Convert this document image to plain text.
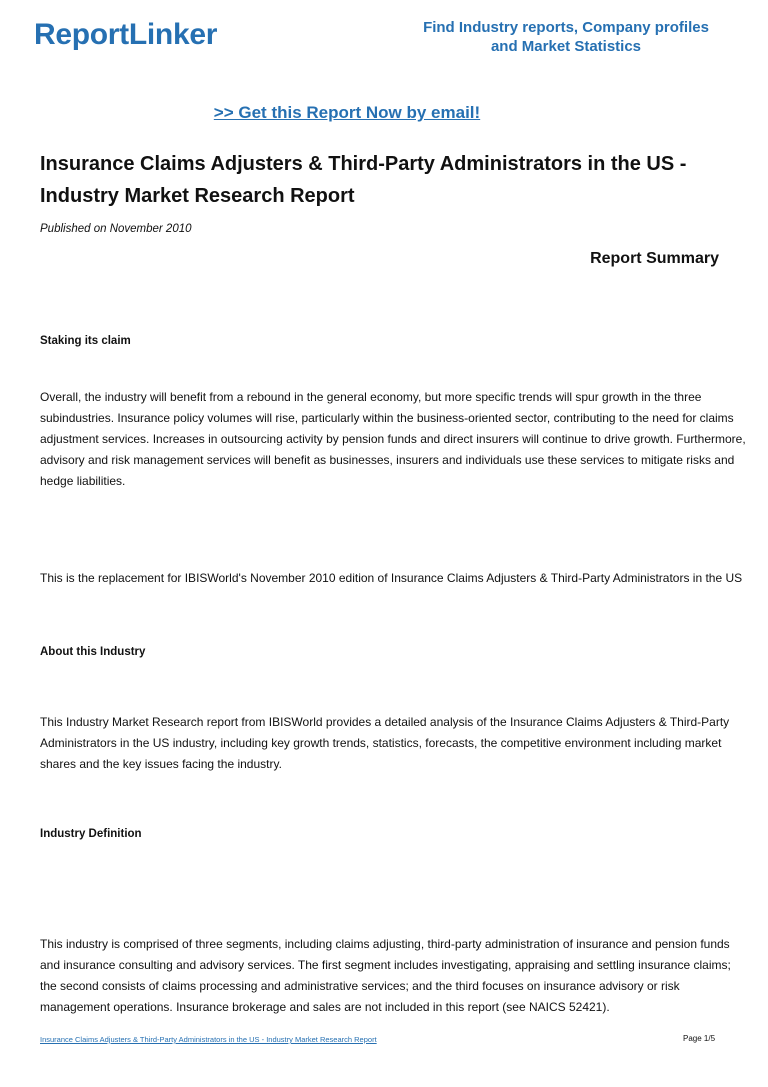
ReportLinker	Find Industry reports, Company profiles
and Market Statistics
>> Get this Report Now by email!
Insurance Claims Adjusters & Third-Party Administrators in the US -
Industry Market Research Report
Published on November 2010
Report Summary
Staking its claim
Overall, the industry will benefit from a rebound in the general economy, but more specific trends will spur growth in the three
subindustries. Insurance policy volumes will rise, particularly within the business-oriented sector, contributing to the need for claims
adjustment services. Increases in outsourcing activity by pension funds and direct insurers will continue to drive growth. Furthermore,
advisory and risk management services will benefit as businesses, insurers and individuals use these services to mitigate risks and
hedge liabilities.
This is the replacement for IBISWorld's November 2010 edition of Insurance Claims Adjusters & Third-Party Administrators in the US
About this Industry
This Industry Market Research report from IBISWorld provides a detailed analysis of the Insurance Claims Adjusters & Third-Party
Administrators in the US industry, including key growth trends, statistics, forecasts, the competitive environment including market
shares and the key issues facing the industry.
Industry Definition
This industry is comprised of three segments, including claims adjusting, third-party administration of insurance and pension funds
and insurance consulting and advisory services. The first segment includes investigating, appraising and settling insurance claims;
the second consists of claims processing and administrative services; and the third focuses on insurance advisory or risk
management operations. Insurance brokerage and sales are not included in this report (see NAICS 52421).
Insurance Claims Adjusters & Third-Party Administrators in the US - Industry Market Research Report	Page 1/5
